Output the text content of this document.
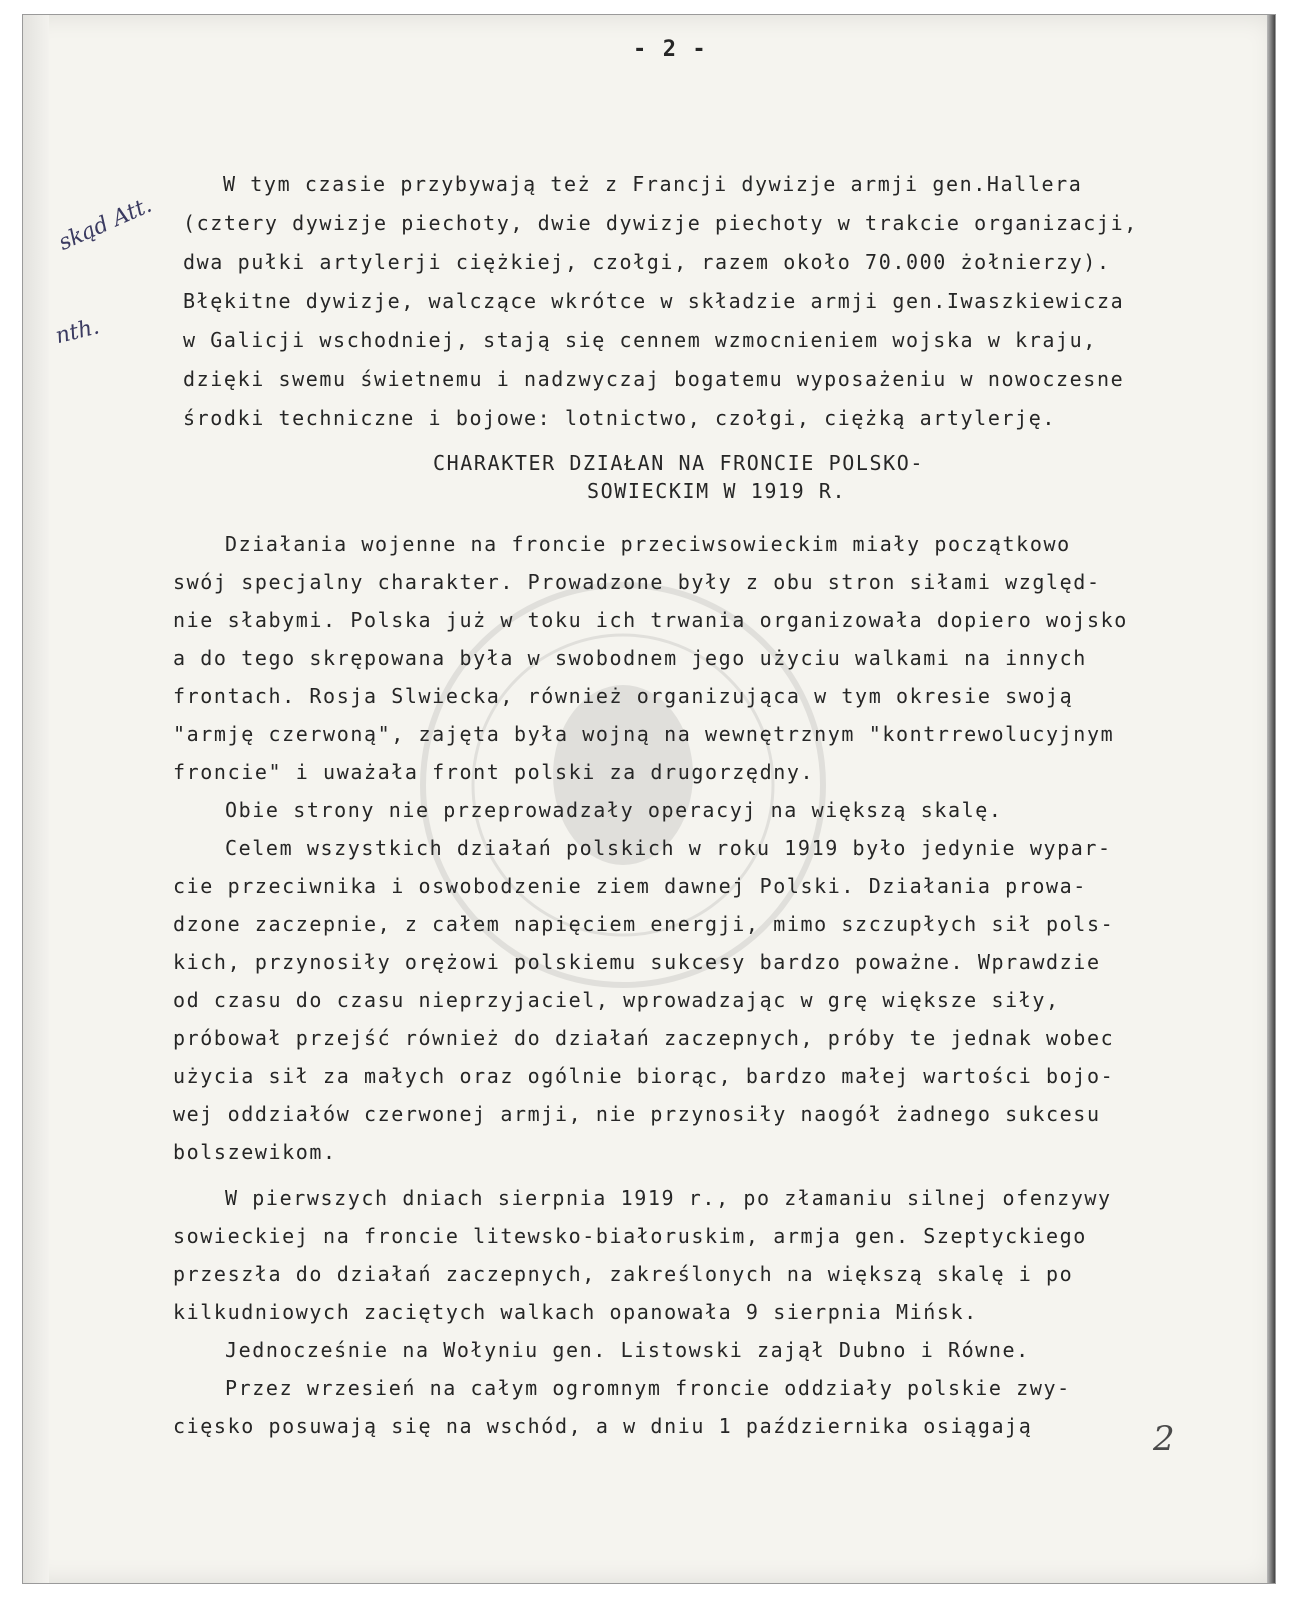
- 2 -
skąd Att.
nth.

W tym czasie przybywają też z Francji dywizje armji gen.Hallera

(cztery dywizje piechoty, dwie dywizje piechoty w trakcie organizacji,

dwa pułki artylerji ciężkiej, czołgi, razem około 70.000 żołnierzy).

Błękitne dywizje, walczące wkrótce w składzie armji gen.Iwaszkiewicza

w Galicji wschodniej, stają się cennem wzmocnieniem wojska w kraju,

dzięki swemu świetnemu i nadzwyczaj bogatemu wyposażeniu w nowoczesne

środki techniczne i bojowe: lotnictwo, czołgi, ciężką artylerję.

CHARAKTER DZIAŁAN NA FRONCIE POLSKO-

SOWIECKIM W 1919 R.

Działania wojenne na froncie przeciwsowieckim miały początkowo

swój specjalny charakter. Prowadzone były z obu stron siłami względ-

nie słabymi. Polska już w toku ich trwania organizowała dopiero wojsko

a do tego skrępowana była w swobodnem jego użyciu walkami na innych

frontach. Rosja Slwiecka, również organizująca w tym okresie swoją

"armję czerwoną", zajęta była wojną na wewnętrznym "kontrrewolucyjnym

froncie" i uważała front polski za drugorzędny.

Obie strony nie przeprowadzały operacyj na większą skalę.

Celem wszystkich działań polskich w roku 1919 było jedynie wypar-

cie przeciwnika i oswobodzenie ziem dawnej Polski. Działania prowa-

dzone zaczepnie, z całem napięciem energji, mimo szczupłych sił pols-

kich, przynosiły orężowi polskiemu sukcesy bardzo poważne. Wprawdzie

od czasu do czasu nieprzyjaciel, wprowadzając w grę większe siły,

próbował przejść również do działań zaczepnych, próby te jednak wobec

użycia sił za małych oraz ogólnie biorąc, bardzo małej wartości bojo-

wej oddziałów czerwonej armji, nie przynosiły naogół żadnego sukcesu

bolszewikom.

W pierwszych dniach sierpnia 1919 r., po złamaniu silnej ofenzywy

sowieckiej na froncie litewsko-białoruskim, armja gen. Szeptyckiego

przeszła do działań zaczepnych, zakreślonych na większą skalę i po

kilkudniowych zaciętych walkach opanowała 9 sierpnia Mińsk.

Jednocześnie na Wołyniu gen. Listowski zajął Dubno i Równe.

Przez wrzesień na całym ogromnym froncie oddziały polskie zwy-

cięsko posuwają się na wschód, a w dniu 1 października osiągają

	2
